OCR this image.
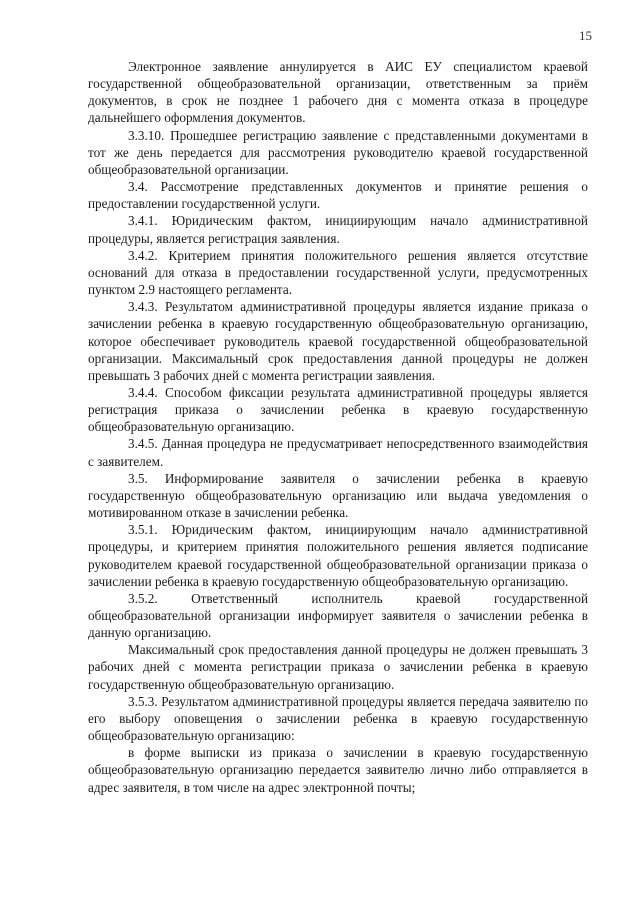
15

Электронное заявление аннулируется в АИС ЕУ специалистом краевой государственной общеобразовательной организации, ответственным за приём документов, в срок не позднее 1 рабочего дня с момента отказа в процедуре дальнейшего оформления документов.

3.3.10. Прошедшее регистрацию заявление с представленными документами в тот же день передается для рассмотрения руководителю краевой государственной общеобразовательной организации.

3.4. Рассмотрение представленных документов и принятие решения о предоставлении государственной услуги.

3.4.1. Юридическим фактом, инициирующим начало административной процедуры, является регистрация заявления.

3.4.2. Критерием принятия положительного решения является отсутствие оснований для отказа в предоставлении государственной услуги, предусмотренных пунктом 2.9 настоящего регламента.

3.4.3. Результатом административной процедуры является издание приказа о зачислении ребенка в краевую государственную общеобразовательную организацию, которое обеспечивает руководитель краевой государственной общеобразовательной организации. Максимальный срок предоставления данной процедуры не должен превышать 3 рабочих дней с момента регистрации заявления.

3.4.4. Способом фиксации результата административной процедуры является регистрация приказа о зачислении ребенка в краевую государственную общеобразовательную организацию.

3.4.5. Данная процедура не предусматривает непосредственного взаимодействия с заявителем.

3.5. Информирование заявителя о зачислении ребенка в краевую государственную общеобразовательную организацию или выдача уведомления о мотивированном отказе в зачислении ребенка.

3.5.1. Юридическим фактом, инициирующим начало административной процедуры, и критерием принятия положительного решения является подписание руководителем краевой государственной общеобразовательной организации приказа о зачислении ребенка в краевую государственную общеобразовательную организацию.

3.5.2. Ответственный исполнитель краевой государственной общеобразовательной организации информирует заявителя о зачислении ребенка в данную организацию.

Максимальный срок предоставления данной процедуры не должен превышать 3 рабочих дней с момента регистрации приказа о зачислении ребенка в краевую государственную общеобразовательную организацию.

3.5.3. Результатом административной процедуры является передача заявителю по его выбору оповещения о зачислении ребенка в краевую государственную общеобразовательную организацию:

в форме выписки из приказа о зачислении в краевую государственную общеобразовательную организацию передается заявителю лично либо отправляется в адрес заявителя, в том числе на адрес электронной почты;
